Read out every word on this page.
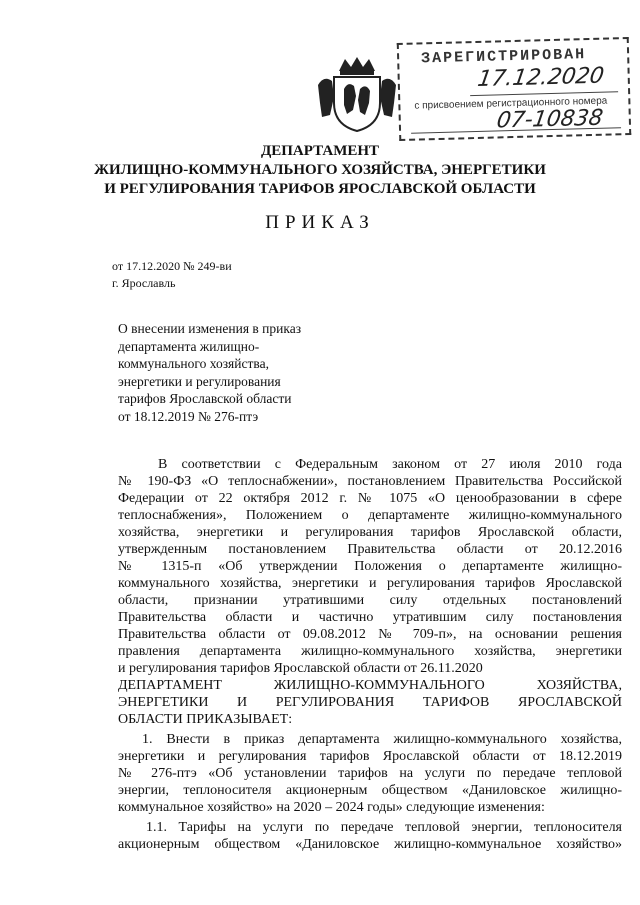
ЗАРЕГИСТРИРОВАН
17.12.2020
с присвоением регистрационного номера
07-10838
ДЕПАРТАМЕНТ
ЖИЛИЩНО-КОММУНАЛЬНОГО ХОЗЯЙСТВА, ЭНЕРГЕТИКИ
И РЕГУЛИРОВАНИЯ ТАРИФОВ ЯРОСЛАВСКОЙ ОБЛАСТИ
ПРИКАЗ
от 17.12.2020 № 249-ви
г. Ярославль
О внесении изменения в приказ
департамента жилищно-
коммунального хозяйства,
энергетики и регулирования
тарифов Ярославской области
от 18.12.2019 № 276-птэ
В соответствии с Федеральным законом от 27 июля 2010 года
№ 190-ФЗ «О теплоснабжении», постановлением Правительства Российской
Федерации от 22 октября 2012 г. № 1075 «О ценообразовании в сфере
теплоснабжения», Положением о департаменте жилищно-коммунального
хозяйства, энергетики и регулирования тарифов Ярославской области,
утвержденным постановлением Правительства области от 20.12.2016
№ 1315-п «Об утверждении Положения о департаменте жилищно-
коммунального хозяйства, энергетики и регулирования тарифов Ярославской
области, признании утратившими силу отдельных постановлений
Правительства области и частично утратившим силу постановления
Правительства области от 09.08.2012 № 709-п», на основании решения
правления департамента жилищно-коммунального хозяйства, энергетики
и регулирования тарифов Ярославской области от 26.11.2020
ДЕПАРТАМЕНТ ЖИЛИЩНО-КОММУНАЛЬНОГО ХОЗЯЙСТВА,
ЭНЕРГЕТИКИ И РЕГУЛИРОВАНИЯ ТАРИФОВ ЯРОСЛАВСКОЙ
ОБЛАСТИ ПРИКАЗЫВАЕТ:
1. Внести в приказ департамента жилищно-коммунального хозяйства,
энергетики и регулирования тарифов Ярославской области от 18.12.2019
№ 276-птэ «Об установлении тарифов на услуги по передаче тепловой
энергии, теплоносителя акционерным обществом «Даниловское жилищно-
коммунальное хозяйство» на 2020 – 2024 годы» следующие изменения:
1.1. Тарифы на услуги по передаче тепловой энергии, теплоносителя
акционерным обществом «Даниловское жилищно-коммунальное хозяйство»
